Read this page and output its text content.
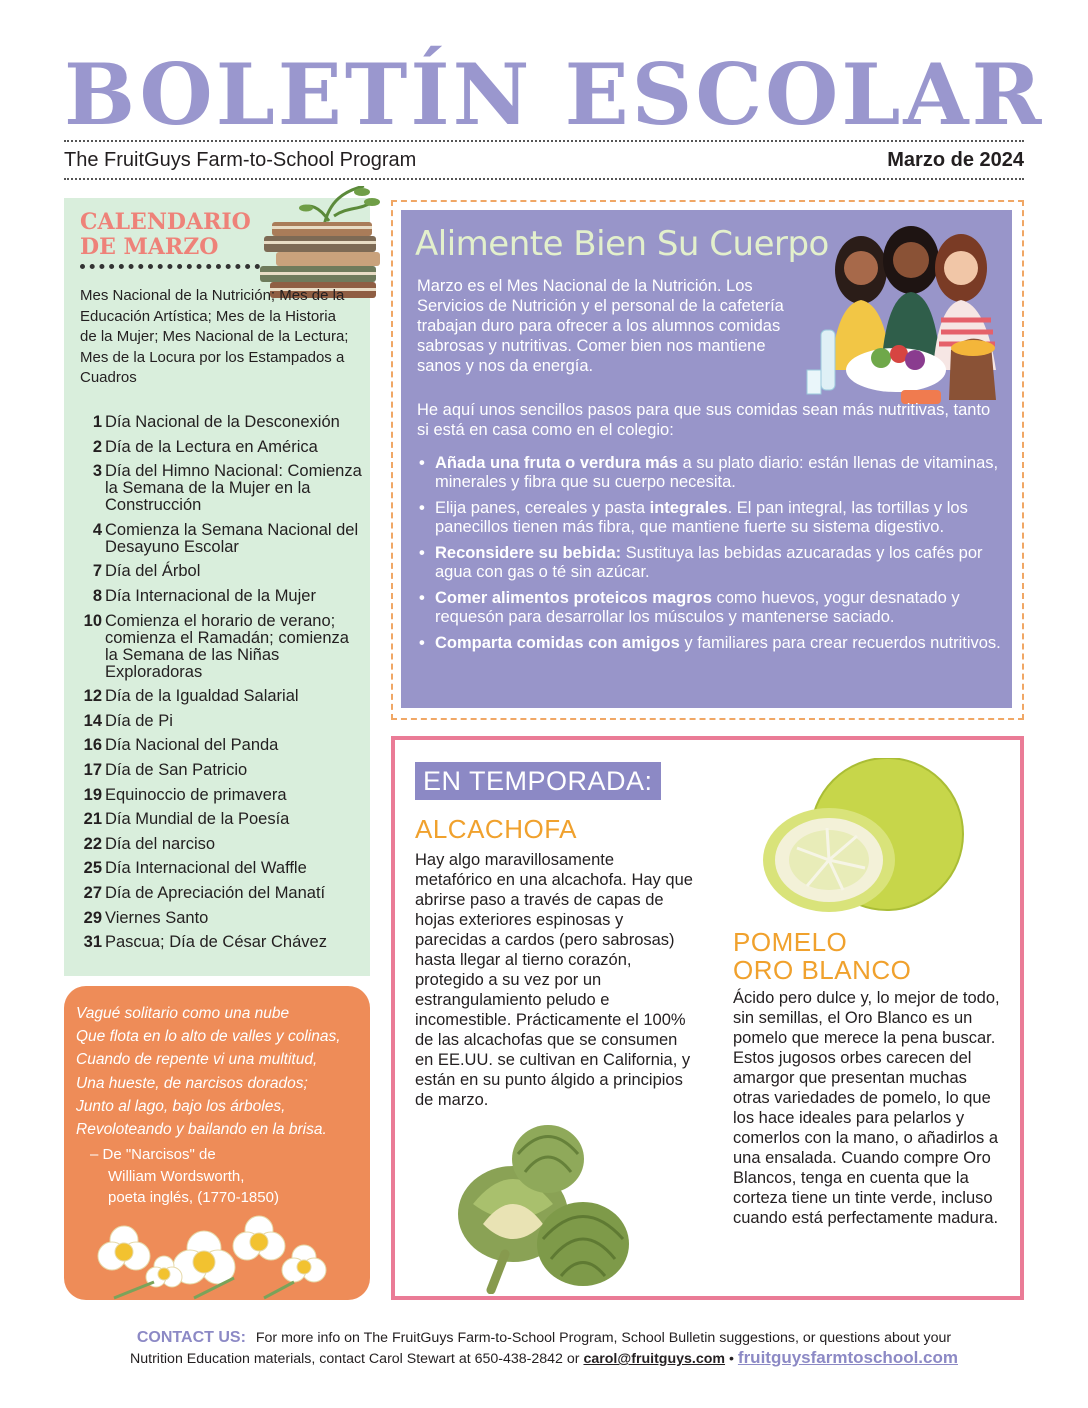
BOLETÍN ESCOLAR
The FruitGuys Farm-to-School Program	Marzo de 2024
CALENDARIO
DE MARZO
Mes Nacional de la Nutrición; Mes de la Educación Artística; Mes de la Historia de la Mujer; Mes Nacional de la Lectura; Mes de la Locura por los Estampados a Cuadros
1 Día Nacional de la Desconexión
2 Día de la Lectura en América
3 Día del Himno Nacional: Comienza la Semana de la Mujer en la Construcción
4 Comienza la Semana Nacional del Desayuno Escolar
7 Día del Árbol
8 Día Internacional de la Mujer
10 Comienza el horario de verano; comienza el Ramadán; comienza la Semana de las Niñas Exploradoras
12 Día de la Igualdad Salarial
14 Día de Pi
16 Día Nacional del Panda
17 Día de San Patricio
19 Equinoccio de primavera
21 Día Mundial de la Poesía
22 Día del narciso
25 Día Internacional del Waffle
27 Día de Apreciación del Manatí
29 Viernes Santo
31 Pascua; Día de César Chávez
Vagué solitario como una nube
Que flota en lo alto de valles y colinas,
Cuando de repente vi una multitud,
Una hueste, de narcisos dorados;
Junto al lago, bajo los árboles,
Revoloteando y bailando en la brisa.
– De "Narcisos" de
William Wordsworth,
poeta inglés, (1770-1850)
Alimente Bien Su Cuerpo
Marzo es el Mes Nacional de la Nutrición. Los Servicios de Nutrición y el personal de la cafetería trabajan duro para ofrecer a los alumnos comidas sabrosas y nutritivas. Comer bien nos mantiene sanos y nos da energía.
He aquí unos sencillos pasos para que sus comidas sean más nutritivas, tanto si está en casa como en el colegio:
• Añada una fruta o verdura más a su plato diario: están llenas de vitaminas, minerales y fibra que su cuerpo necesita.
• Elija panes, cereales y pasta integrales. El pan integral, las tortillas y los panecillos tienen más fibra, que mantiene fuerte su sistema digestivo.
• Reconsidere su bebida: Sustituya las bebidas azucaradas y los cafés por agua con gas o té sin azúcar.
• Comer alimentos proteicos magros como huevos, yogur desnatado y requesón para desarrollar los músculos y mantenerse saciado.
• Comparta comidas con amigos y familiares para crear recuerdos nutritivos.
EN TEMPORADA:
ALCACHOFA
Hay algo maravillosamente metafórico en una alcachofa. Hay que abrirse paso a través de capas de hojas exteriores espinosas y parecidas a cardos (pero sabrosas) hasta llegar al tierno corazón, protegido a su vez por un estrangulamiento peludo e incomestible. Prácticamente el 100% de las alcachofas que se consumen en EE.UU. se cultivan en California, y están en su punto álgido a principios de marzo.
POMELO
ORO BLANCO
Ácido pero dulce y, lo mejor de todo, sin semillas, el Oro Blanco es un pomelo que merece la pena buscar. Estos jugosos orbes carecen del amargor que presentan muchas otras variedades de pomelo, lo que los hace ideales para pelarlos y comerlos con la mano, o añadirlos a una ensalada. Cuando compre Oro Blancos, tenga en cuenta que la corteza tiene un tinte verde, incluso cuando está perfectamente madura.
CONTACT US: For more info on The FruitGuys Farm-to-School Program, School Bulletin suggestions, or questions about your
Nutrition Education materials, contact Carol Stewart at 650-438-2842 or carol@fruitguys.com • fruitguysfarmtoschool.com
